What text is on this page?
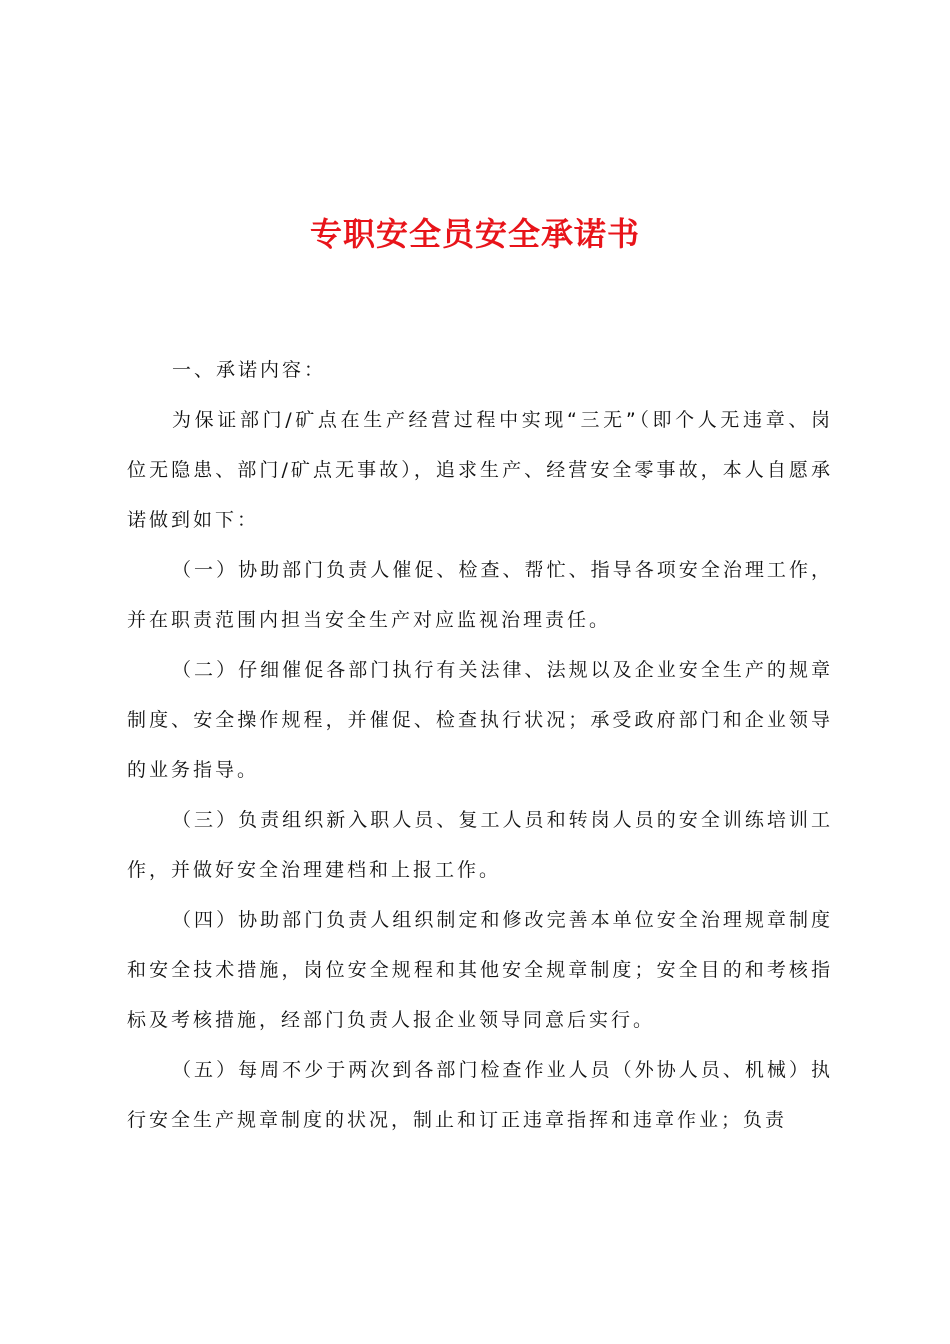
专职安全员安全承诺书

一、承诺内容：

为保证部门/矿点在生产经营过程中实现“三无”（即个人无违章、岗位无隐患、部门/矿点无事故），追求生产、经营安全零事故，本人自愿承诺做到如下：

（一）协助部门负责人催促、检查、帮忙、指导各项安全治理工作，并在职责范围内担当安全生产对应监视治理责任。

（二）仔细催促各部门执行有关法律、法规以及企业安全生产的规章制度、安全操作规程，并催促、检查执行状况；承受政府部门和企业领导的业务指导。

（三）负责组织新入职人员、复工人员和转岗人员的安全训练培训工作，并做好安全治理建档和上报工作。

（四）协助部门负责人组织制定和修改完善本单位安全治理规章制度和安全技术措施，岗位安全规程和其他安全规章制度；安全目的和考核指标及考核措施，经部门负责人报企业领导同意后实行。

（五）每周不少于两次到各部门检查作业人员（外协人员、机械）执行安全生产规章制度的状况，制止和订正违章指挥和违章作业；负责
